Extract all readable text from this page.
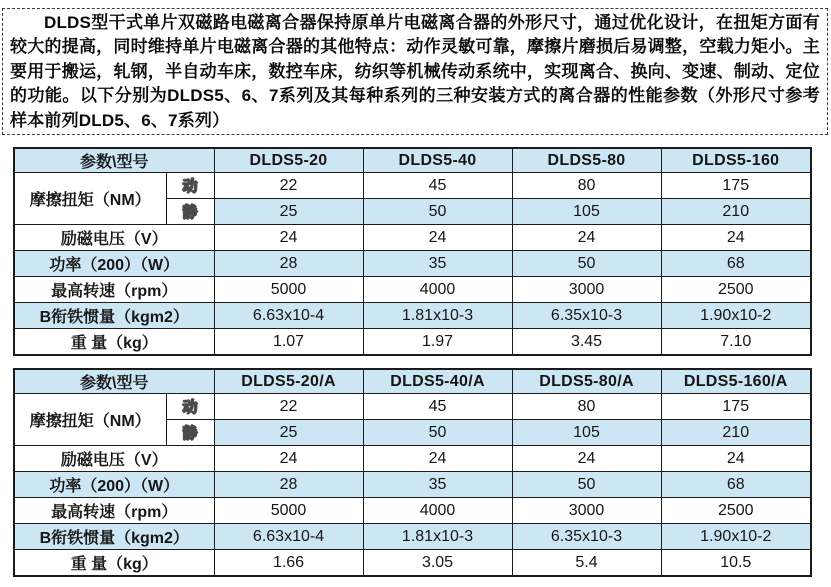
DLDS型干式单片双磁路电磁离合器保持原单片电磁离合器的外形尺寸，通过优化设计，在扭矩方面有较大的提高，同时维持单片电磁离合器的其他特点：动作灵敏可靠，摩擦片磨损后易调整，空载力矩小。主要用于搬运，轧钢，半自动车床，数控车床，纺织等机械传动系统中，实现离合、换向、变速、制动、定位的功能。以下分别为DLDS5、6、7系列及其每种系列的三种安装方式的离合器的性能参数（外形尺寸参考样本前列DLD5、6、7系列）

参数\型号		DLDS5-20	DLDS5-40	DLDS5-80	DLDS5-160
摩擦扭矩（NM）	动	22	45	80	175
	静	25	50	105	210
励磁电压（V）		24	24	24	24
功率（200）（W）		28	35	50	68
最高转速（rpm）		5000	4000	3000	2500
B衔铁惯量（kgm2）		6.63x10-4	1.81x10-3	6.35x10-3	1.90x10-2
重 量（kg）		1.07	1.97	3.45	7.10
参数\型号		DLDS5-20/A	DLDS5-40/A	DLDS5-80/A	DLDS5-160/A
摩擦扭矩（NM）	动	22	45	80	175
	静	25	50	105	210
励磁电压（V）		24	24	24	24
功率（200）（W）		28	35	50	68
最高转速（rpm）		5000	4000	3000	2500
B衔铁惯量（kgm2）		6.63x10-4	1.81x10-3	6.35x10-3	1.90x10-2
重 量（kg）		1.66	3.05	5.4	10.5
